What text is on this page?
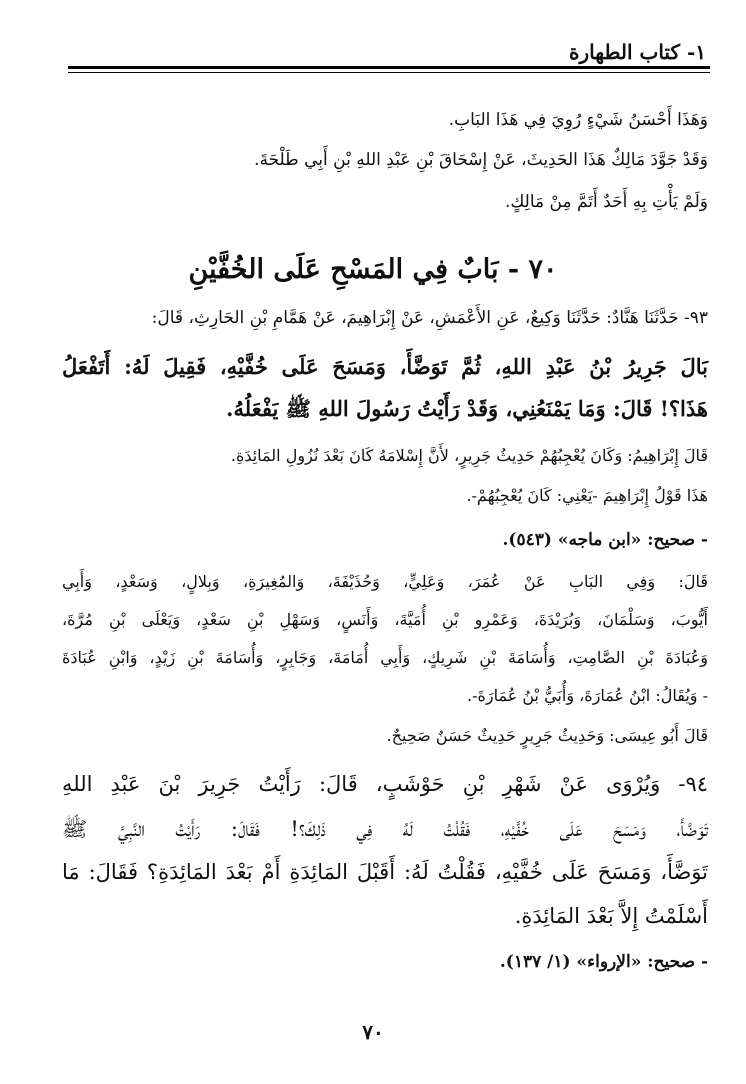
١- كتاب الطهارة
وَهَذَا أَحْسَنُ شَيْءٍ رُوِيَ فِي هَذَا البَابِ.
وَقَدْ جَوَّدَ مَالِكٌ هَذَا الحَدِيثَ، عَنْ إِسْحَاقَ بْنِ عَبْدِ اللهِ بْنِ أَبِي طَلْحَةَ.
وَلَمْ يَأْتِ بِهِ أَحَدٌ أَتَمَّ مِنْ مَالِكٍ.
٧٠ - بَابٌ فِي المَسْحِ عَلَى الخُفَّيْنِ
٩٣- حَدَّثَنَا هَنَّادٌ: حَدَّثَنَا وَكِيعٌ، عَنِ الأَعْمَشِ، عَنْ إِبْرَاهِيمَ، عَنْ هَمَّامِ بْنِ الحَارِثِ، قَالَ:
بَالَ جَرِيرُ بْنُ عَبْدِ اللهِ، ثُمَّ تَوَضَّأَ، وَمَسَحَ عَلَى خُفَّيْهِ، فَقِيلَ لَهُ: أَتَفْعَلُ
هَذَا؟! قَالَ: وَمَا يَمْنَعُنِي، وَقَدْ رَأَيْتُ رَسُولَ اللهِ ﷺ يَفْعَلُهُ.
قَالَ إِبْرَاهِيمُ: وَكَانَ يُعْجِبُهُمْ حَدِيثُ جَرِيرٍ، لأَنَّ إِسْلامَهُ كَانَ بَعْدَ نُزُولِ المَائِدَةِ.
هَذَا قَوْلُ إِبْرَاهِيمَ -يَعْنِي: كَانَ يُعْجِبُهُمْ-.
- صحيح: «ابن ماجه» (٥٤٣).
قَالَ: وَفِي البَابِ عَنْ عُمَرَ، وَعَلِيٍّ، وَحُذَيْفَةَ، وَالمُغِيرَةِ، وَبِلالٍ، وَسَعْدٍ، وَأَبِي
أَيُّوبَ، وَسَلْمَانَ، وَبُرَيْدَةَ، وَعَمْرِو بْنِ أُمَيَّةَ، وَأَنَسٍ، وَسَهْلِ بْنِ سَعْدٍ، وَيَعْلَى بْنِ مُرَّةَ،
وَعُبَادَةَ بْنِ الصَّامِتِ، وَأُسَامَةَ بْنِ شَرِيكٍ، وَأَبِي أُمَامَةَ، وَجَابِرٍ، وَأُسَامَةَ بْنِ زَيْدٍ، وَابْنِ عُبَادَةَ
- وَيُقَالُ: ابْنُ عُمَارَةَ، وَأُبَيُّ بْنُ عُمَارَةَ-.
قَالَ أَبُو عِيسَى: وَحَدِيثُ جَرِيرٍ حَدِيثٌ حَسَنٌ صَحِيحٌ.
٩٤- وَيُرْوَى عَنْ شَهْرِ بْنِ حَوْشَبٍ، قَالَ: رَأَيْتُ جَرِيرَ بْنَ عَبْدِ اللهِ
تَوَضَّأَ، وَمَسَحَ عَلَى خُفَّيْهِ، فَقُلْتُ لَهُ فِي ذَلِكَ؟! فَقَالَ: رَأَيْتُ النَّبِيَّ ﷺ
تَوَضَّأَ، وَمَسَحَ عَلَى خُفَّيْهِ، فَقُلْتُ لَهُ: أَقَبْلَ المَائِدَةِ أَمْ بَعْدَ المَائِدَةِ؟ فَقَالَ: مَا
أَسْلَمْتُ إِلاَّ بَعْدَ المَائِدَةِ.
- صحيح: «الإرواء» (١/ ١٣٧).
٧٠
